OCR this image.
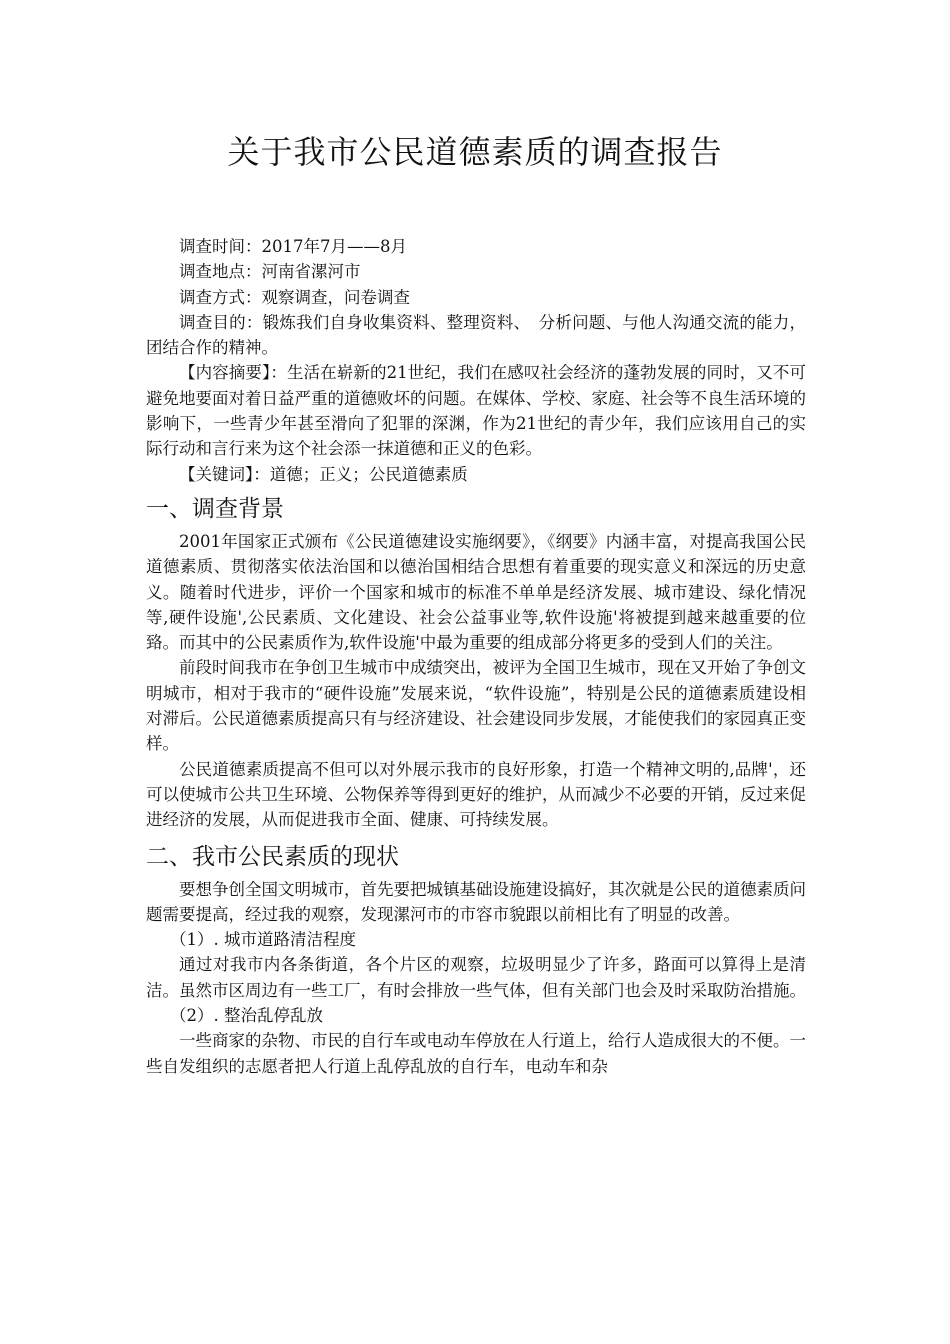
关于我市公民道德素质的调查报告

调查时间：2017年7月——8月

调查地点：河南省漯河市

调查方式：观察调查，问卷调查

调查目的：锻炼我们自身收集资料、整理资料、　分析问题、与他人沟通交流的能力，团结合作的精神。

【内容摘要】：生活在崭新的21世纪，我们在感叹社会经济的蓬勃发展的同时，又不可避免地要面对着日益严重的道德败坏的问题。在媒体、学校、家庭、社会等不良生活环境的影响下，一些青少年甚至滑向了犯罪的深渊，作为21世纪的青少年，我们应该用自己的实际行动和言行来为这个社会添一抹道德和正义的色彩。

【关键词】：道德；正义；公民道德素质

一、调查背景

2001年国家正式颁布《公民道德建设实施纲要》，《纲要》内涵丰富，对提高我国公民道德素质、贯彻落实依法治国和以德治国相结合思想有着重要的现实意义和深远的历史意义。随着时代进步，评价一个国家和城市的标准不单单是经济发展、城市建设、绿化情况等,硬件设施',公民素质、文化建设、社会公益事业等,软件设施'将被提到越来越重要的位臵。而其中的公民素质作为,软件设施'中最为重要的组成部分将更多的受到人们的关注。

前段时间我市在争创卫生城市中成绩突出，被评为全国卫生城市，现在又开始了争创文明城市，相对于我市的“硬件设施”发展来说，“软件设施”，特别是公民的道德素质建设相对滞后。公民道德素质提高只有与经济建设、社会建设同步发展，才能使我们的家园真正变样。

公民道德素质提高不但可以对外展示我市的良好形象，打造一个精神文明的,品牌'，还可以使城市公共卫生环境、公物保养等得到更好的维护，从而减少不必要的开销，反过来促进经济的发展，从而促进我市全面、健康、可持续发展。

二、我市公民素质的现状

要想争创全国文明城市，首先要把城镇基础设施建设搞好，其次就是公民的道德素质问题需要提高，经过我的观察，发现漯河市的市容市貌跟以前相比有了明显的改善。

（1）. 城市道路清洁程度

通过对我市内各条街道，各个片区的观察，垃圾明显少了许多，路面可以算得上是清洁。虽然市区周边有一些工厂，有时会排放一些气体，但有关部门也会及时采取防治措施。

（2）. 整治乱停乱放

一些商家的杂物、市民的自行车或电动车停放在人行道上，给行人造成很大的不便。一些自发组织的志愿者把人行道上乱停乱放的自行车，电动车和杂
